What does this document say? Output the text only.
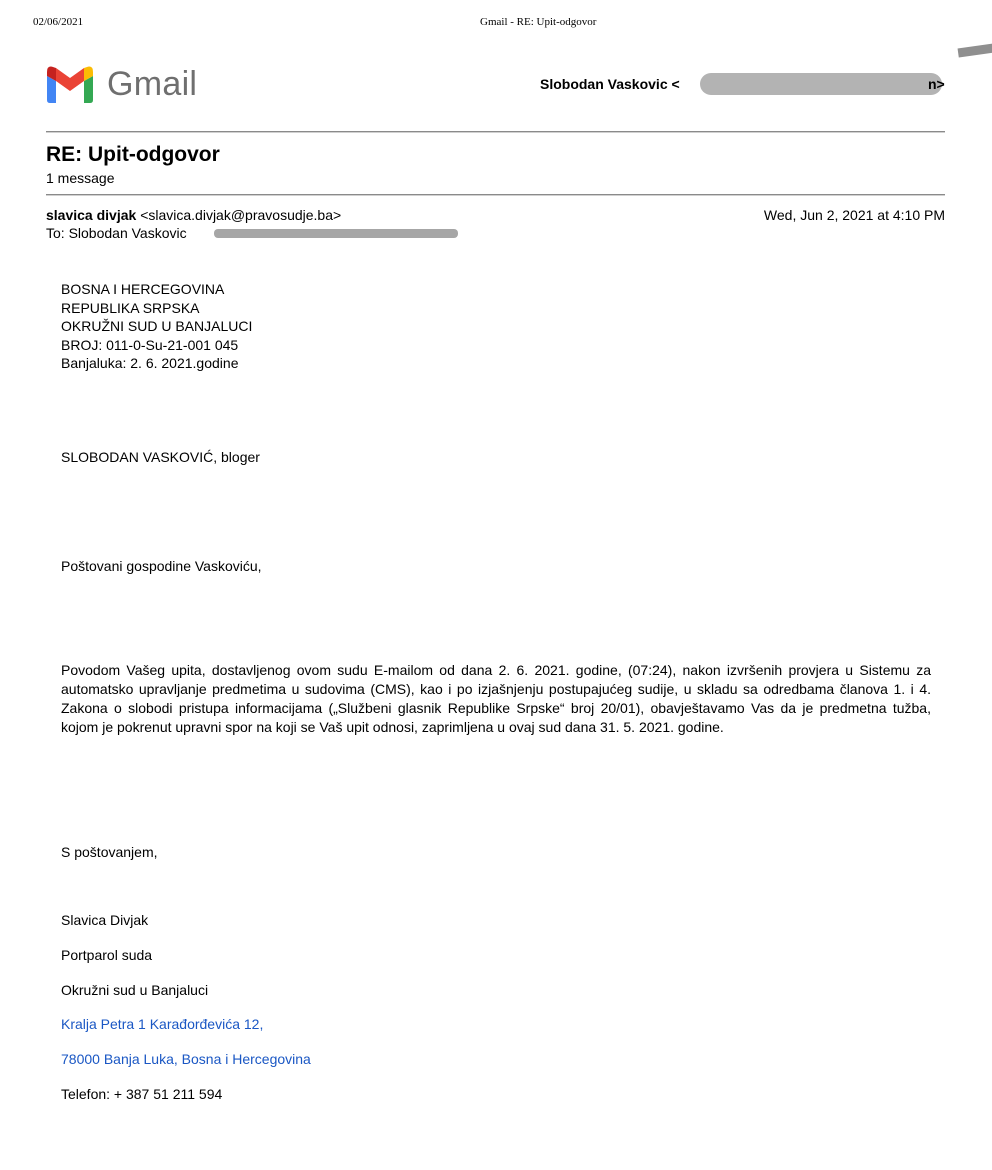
02/06/2021	Gmail - RE: Upit-odgovor
Gmail	Slobodan Vaskovic <	n>
RE: Upit-odgovor
1 message
slavica divjak <slavica.divjak@pravosudje.ba>	Wed, Jun 2, 2021 at 4:10 PM
To: Slobodan Vaskovic
BOSNA I HERCEGOVINA
REPUBLIKA SRPSKA
OKRUŽNI SUD U BANJALUCI
BROJ: 011-0-Su-21-001 045
Banjaluka: 2. 6. 2021.godine
SLOBODAN VASKOVIĆ, bloger
Poštovani gospodine Vaskoviću,
Povodom Vašeg upita, dostavljenog ovom sudu E-mailom od dana 2. 6. 2021. godine, (07:24), nakon izvršenih provjera u Sistemu za automatsko upravljanje predmetima u sudovima (CMS), kao i po izjašnjenju postupajućeg sudije, u skladu sa odredbama članova 1. i 4. Zakona o slobodi pristupa informacijama („Službeni glasnik Republike Srpske“ broj 20/01), obavještavamo Vas da je predmetna tužba, kojom je pokrenut upravni spor na koji se Vaš upit odnosi, zaprimljena u ovaj sud dana 31. 5. 2021. godine.
S poštovanjem,
Slavica Divjak
Portparol suda
Okružni sud u Banjaluci
Kralja Petra 1 Karađorđevića 12,
78000 Banja Luka, Bosna i Hercegovina
Telefon: + 387 51 211 594
